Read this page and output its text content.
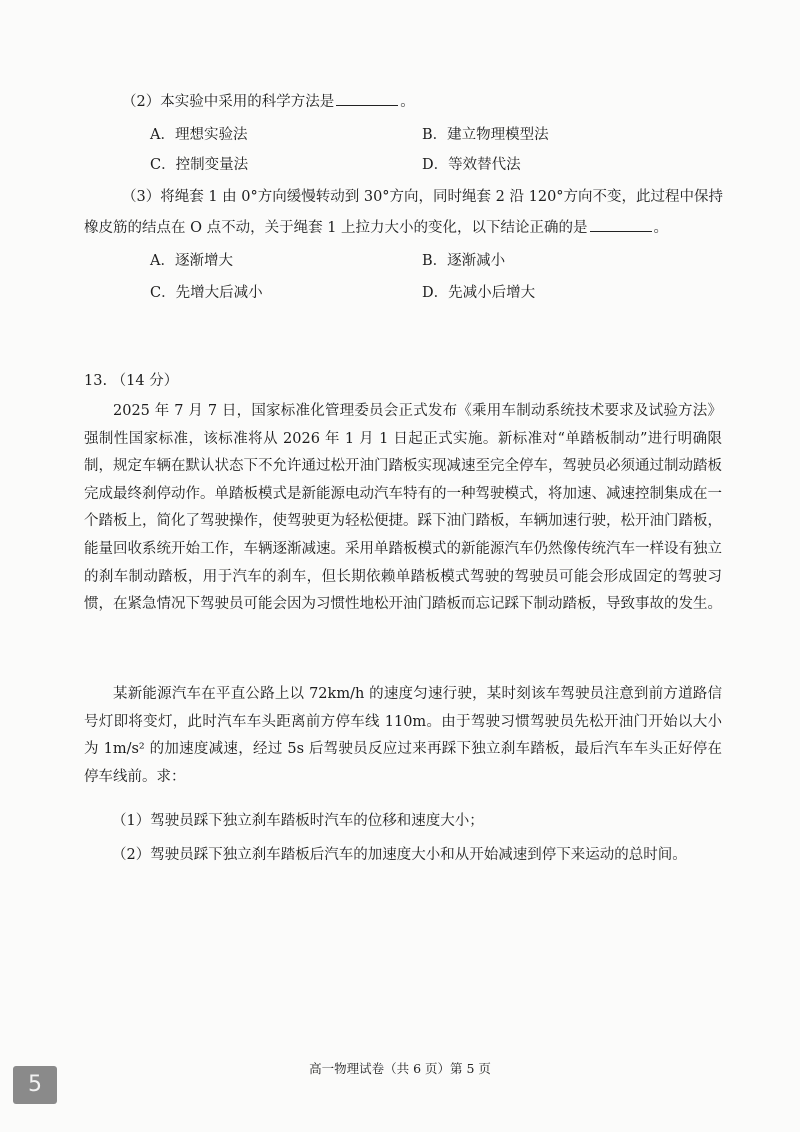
（2）本实验中采用的科学方法是	。
A．理想实验法	B．建立物理模型法
C．控制变量法	D．等效替代法
（3）将绳套 1 由 0°方向缓慢转动到 30°方向，同时绳套 2 沿 120°方向不变，此过程中保持
橡皮筋的结点在 O 点不动，关于绳套 1 上拉力大小的变化，以下结论正确的是	。
A．逐渐增大	B．逐渐减小
C．先增大后减小	D．先减小后增大
13. （14 分）
2025 年 7 月 7 日，国家标准化管理委员会正式发布《乘用车制动系统技术要求及试验方法》强制性国家标准，该标准将从 2026 年 1 月 1 日起正式实施。新标准对“单踏板制动”进行明确限制，规定车辆在默认状态下不允许通过松开油门踏板实现减速至完全停车，驾驶员必须通过制动踏板完成最终刹停动作。单踏板模式是新能源电动汽车特有的一种驾驶模式，将加速、减速控制集成在一个踏板上，简化了驾驶操作，使驾驶更为轻松便捷。踩下油门踏板，车辆加速行驶，松开油门踏板，能量回收系统开始工作，车辆逐渐减速。采用单踏板模式的新能源汽车仍然像传统汽车一样设有独立的刹车制动踏板，用于汽车的刹车，但长期依赖单踏板模式驾驶的驾驶员可能会形成固定的驾驶习惯，在紧急情况下驾驶员可能会因为习惯性地松开油门踏板而忘记踩下制动踏板，导致事故的发生。
某新能源汽车在平直公路上以 72km/h 的速度匀速行驶，某时刻该车驾驶员注意到前方道路信号灯即将变灯，此时汽车车头距离前方停车线 110m。由于驾驶习惯驾驶员先松开油门开始以大小为 1m/s² 的加速度减速，经过 5s 后驾驶员反应过来再踩下独立刹车踏板，最后汽车车头正好停在停车线前。求：
（1）驾驶员踩下独立刹车踏板时汽车的位移和速度大小；
（2）驾驶员踩下独立刹车踏板后汽车的加速度大小和从开始减速到停下来运动的总时间。
高一物理试卷（共 6 页）第 5 页
5
